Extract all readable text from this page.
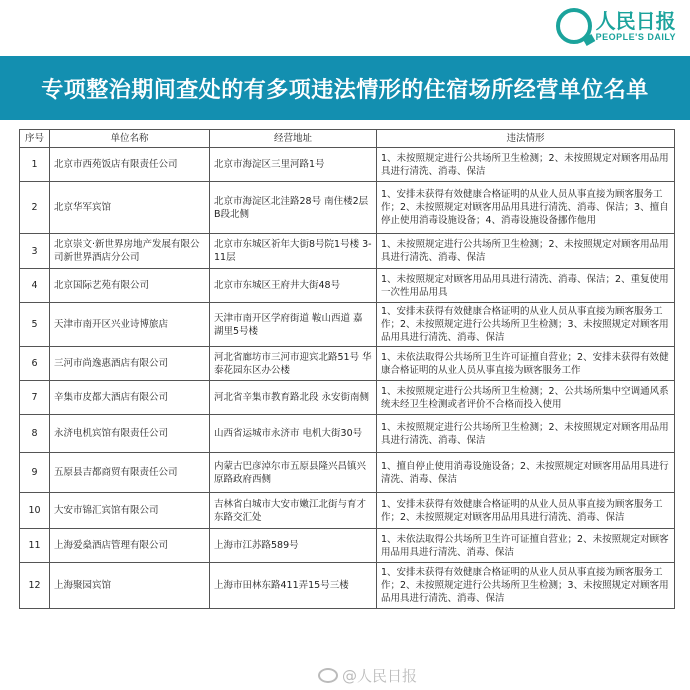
人民日报
PEOPLE'S DAILY
专项整治期间查处的有多项违法情形的住宿场所经营单位名单
序号	单位名称	经营地址	违法情形
1	北京市西苑饭店有限责任公司	北京市海淀区三里河路1号	1、未按照规定进行公共场所卫生检测；2、未按照规定对顾客用品用具进行清洗、消毒、保洁
2	北京华军宾馆	北京市海淀区北洼路28号 南住楼2层 B段北侧	1、安排未获得有效健康合格证明的从业人员从事直接为顾客服务工作；2、未按照规定对顾客用品用具进行清洗、消毒、保洁；3、擅自停止使用消毒设施设备；4、消毒设施设备挪作他用
3	北京崇文·新世界房地产发展有限公司新世界酒店分公司	北京市东城区祈年大街8号院1号楼 3-11层	1、未按照规定进行公共场所卫生检测；2、未按照规定对顾客用品用具进行清洗、消毒、保洁
4	北京国际艺苑有限公司	北京市东城区王府井大街48号	1、未按照规定对顾客用品用具进行清洗、消毒、保洁；2、重复使用一次性用品用具
5	天津市南开区兴业诗博旅店	天津市南开区学府街道 鞍山西道 嘉湖里5号楼	1、安排未获得有效健康合格证明的从业人员从事直接为顾客服务工作；2、未按照规定进行公共场所卫生检测；3、未按照规定对顾客用品用具进行清洗、消毒、保洁
6	三河市尚逸惠酒店有限公司	河北省廊坊市三河市迎宾北路51号 华泰花园东区办公楼	1、未依法取得公共场所卫生许可证擅自营业；2、安排未获得有效健康合格证明的从业人员从事直接为顾客服务工作
7	辛集市皮都大酒店有限公司	河北省辛集市教育路北段 永安街南侧	1、未按照规定进行公共场所卫生检测；2、公共场所集中空调通风系统未经卫生检测或者评价不合格而投入使用
8	永济电机宾馆有限责任公司	山西省运城市永济市 电机大街30号	1、未按照规定进行公共场所卫生检测；2、未按照规定对顾客用品用具进行清洗、消毒、保洁
9	五原县吉都商贸有限责任公司	内蒙古巴彦淖尔市五原县隆兴昌镇兴原路政府西侧	1、擅自停止使用消毒设施设备；2、未按照规定对顾客用品用具进行清洗、消毒、保洁
10	大安市锦汇宾馆有限公司	吉林省白城市大安市嫩江北街与育才东路交汇处	1、安排未获得有效健康合格证明的从业人员从事直接为顾客服务工作；2、未按照规定对顾客用品用具进行清洗、消毒、保洁
11	上海爱燊酒店管理有限公司	上海市江苏路589号	1、未依法取得公共场所卫生许可证擅自营业；2、未按照规定对顾客用品用具进行清洗、消毒、保洁
12	上海聚园宾馆	上海市田林东路411弄15号三楼	1、安排未获得有效健康合格证明的从业人员从事直接为顾客服务工作；2、未按照规定进行公共场所卫生检测；3、未按照规定对顾客用品用具进行清洗、消毒、保洁
@人民日报
